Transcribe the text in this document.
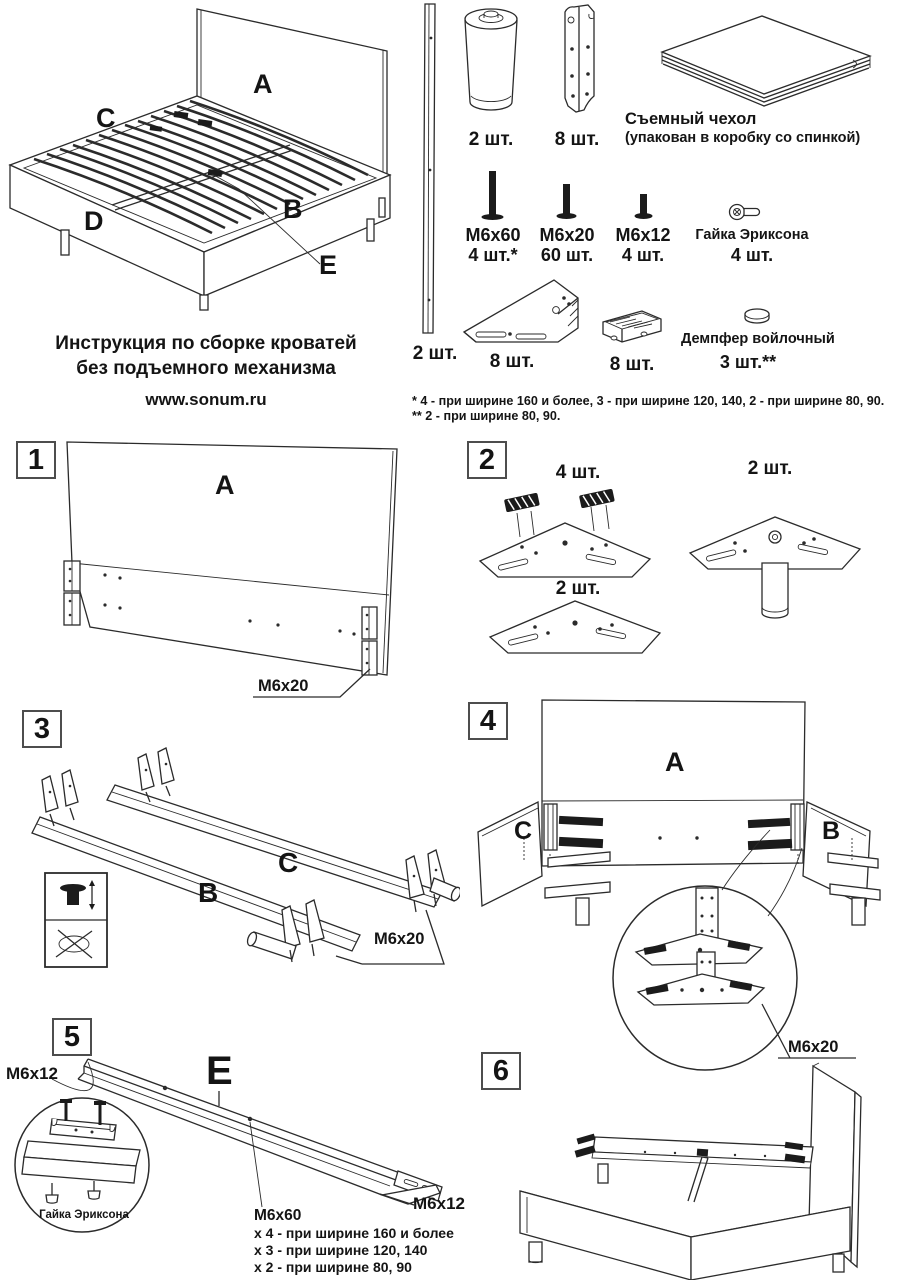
A
C
D	B
E
Инструкция по сборке кроватей
без подъемного механизма
www.sonum.ru
2 шт.
2 шт.	8 шт.
Съемный чехол
(упакован в коробку со спинкой)
М6х60
4 шт.*
М6х20
60 шт.
М6х12
4 шт.
Гайка Эриксона
4 шт.
8 шт.	8 шт.
Демпфер войлочный
3 шт.**
* 4 - при ширине 160 и более, 3 - при ширине 120, 140, 2 - при ширине 80, 90.
** 2 - при ширине 80, 90.
1
A
М6х20
2	4 шт.	2 шт.
2 шт.
3
B
C
М6х20
4
A
C	B
М6х20
5
E
М6х12
М6х12
Гайка Эриксона	М6х60
х 4 - при ширине 160 и более
х 3 - при ширине 120, 140
х 2 - при ширине 80, 90
6
